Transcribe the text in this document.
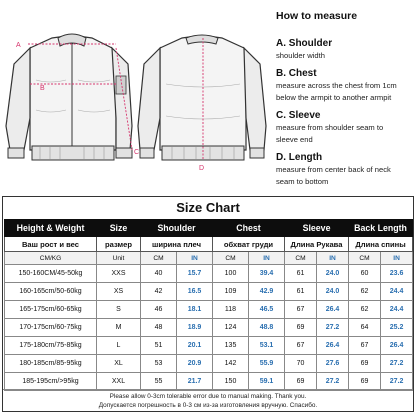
A
B
C
D
How to measure
A. Shoulder
shoulder width
B. Chest
measure across the chest from 1cm
below the armpit to another armpit
C. Sleeve
measure from shoulder seam to
sleeve end
D. Length
measure from center back of neck
seam to bottom
Size Chart
Height & Weight	Size	Shoulder		Chest		Sleeve		Back Length	
Ваш рост и вес	размер	ширина плеч		обхват груди		Длина Рукава		Длина спины	
CM/KG	Unit	CM	IN	CM	IN	CM	IN	CM	IN
150-160CM/45-50kg	XXS	40	15.7	100	39.4	61	24.0	60	23.6
160-165cm/50-60kg	XS	42	16.5	109	42.9	61	24.0	62	24.4
165-175cm/60-65kg	S	46	18.1	118	46.5	67	26.4	62	24.4
170-175cm/60-75kg	M	48	18.9	124	48.8	69	27.2	64	25.2
175-180cm/75-85kg	L	51	20.1	135	53.1	67	26.4	67	26.4
180-185cm/85-95kg	XL	53	20.9	142	55.9	70	27.6	69	27.2
185-195cm/>95kg	XXL	55	21.7	150	59.1	69	27.2	69	27.2
Please allow 0-3cm tolerable error due to manual making. Thank you.
Допускается погрешность в 0-3 см из-за изготовления вручную. Спасибо.
